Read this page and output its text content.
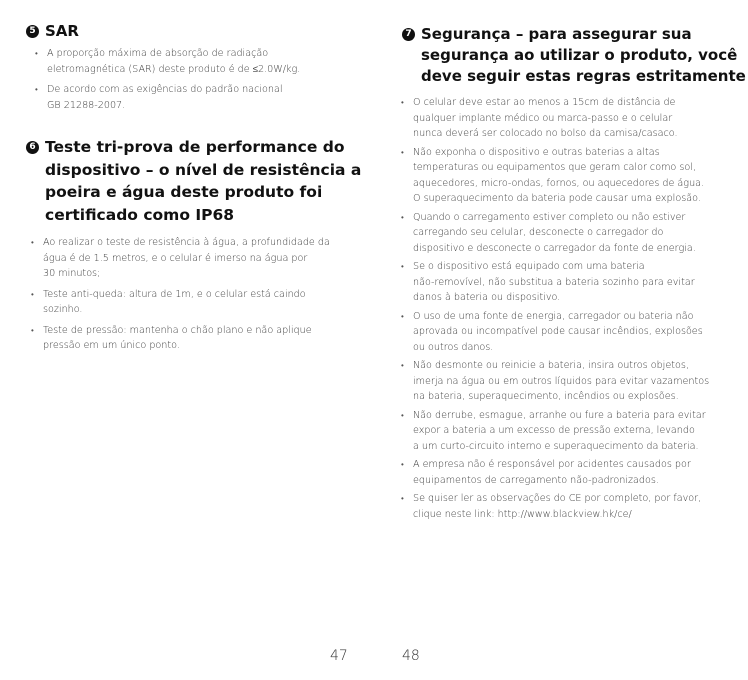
5 SAR
• A proporção máxima de absorção de radiação
eletromagnética (SAR) deste produto é de ≤2.0W/kg.
• De acordo com as exigências do padrão nacional
GB 21288-2007.
6 Teste tri-prova de performance do
dispositivo – o nível de resistência a
poeira e água deste produto foi
certificado como IP68
• Ao realizar o teste de resistência à água, a profundidade da
água é de 1.5 metros, e o celular é imerso na água por
30 minutos;
• Teste anti-queda: altura de 1m, e o celular está caindo
sozinho.
• Teste de pressão: mantenha o chão plano e não aplique
pressão em um único ponto.
47
7 Segurança – para assegurar sua
segurança ao utilizar o produto, você
deve seguir estas regras estritamente
• O celular deve estar ao menos a 15cm de distância de
qualquer implante médico ou marca-passo e o celular
nunca deverá ser colocado no bolso da camisa/casaco.
• Não exponha o dispositivo e outras baterias a altas
temperaturas ou equipamentos que geram calor como sol,
aquecedores, micro-ondas, fornos, ou aquecedores de água.
O superaquecimento da bateria pode causar uma explosão.
• Quando o carregamento estiver completo ou não estiver
carregando seu celular, desconecte o carregador do
dispositivo e desconecte o carregador da fonte de energia.
• Se o dispositivo está equipado com uma bateria
não-removível, não substitua a bateria sozinho para evitar
danos à bateria ou dispositivo.
• O uso de uma fonte de energia, carregador ou bateria não
aprovada ou incompatível pode causar incêndios, explosões
ou outros danos.
• Não desmonte ou reinicie a bateria, insira outros objetos,
imerja na água ou em outros líquidos para evitar vazamentos
na bateria, superaquecimento, incêndios ou explosões.
• Não derrube, esmague, arranhe ou fure a bateria para evitar
expor a bateria a um excesso de pressão externa, levando
a um curto-circuito interno e superaquecimento da bateria.
• A empresa não é responsável por acidentes causados por
equipamentos de carregamento não-padronizados.
• Se quiser ler as observações do CE por completo, por favor,
clique neste link: http://www.blackview.hk/ce/
48
